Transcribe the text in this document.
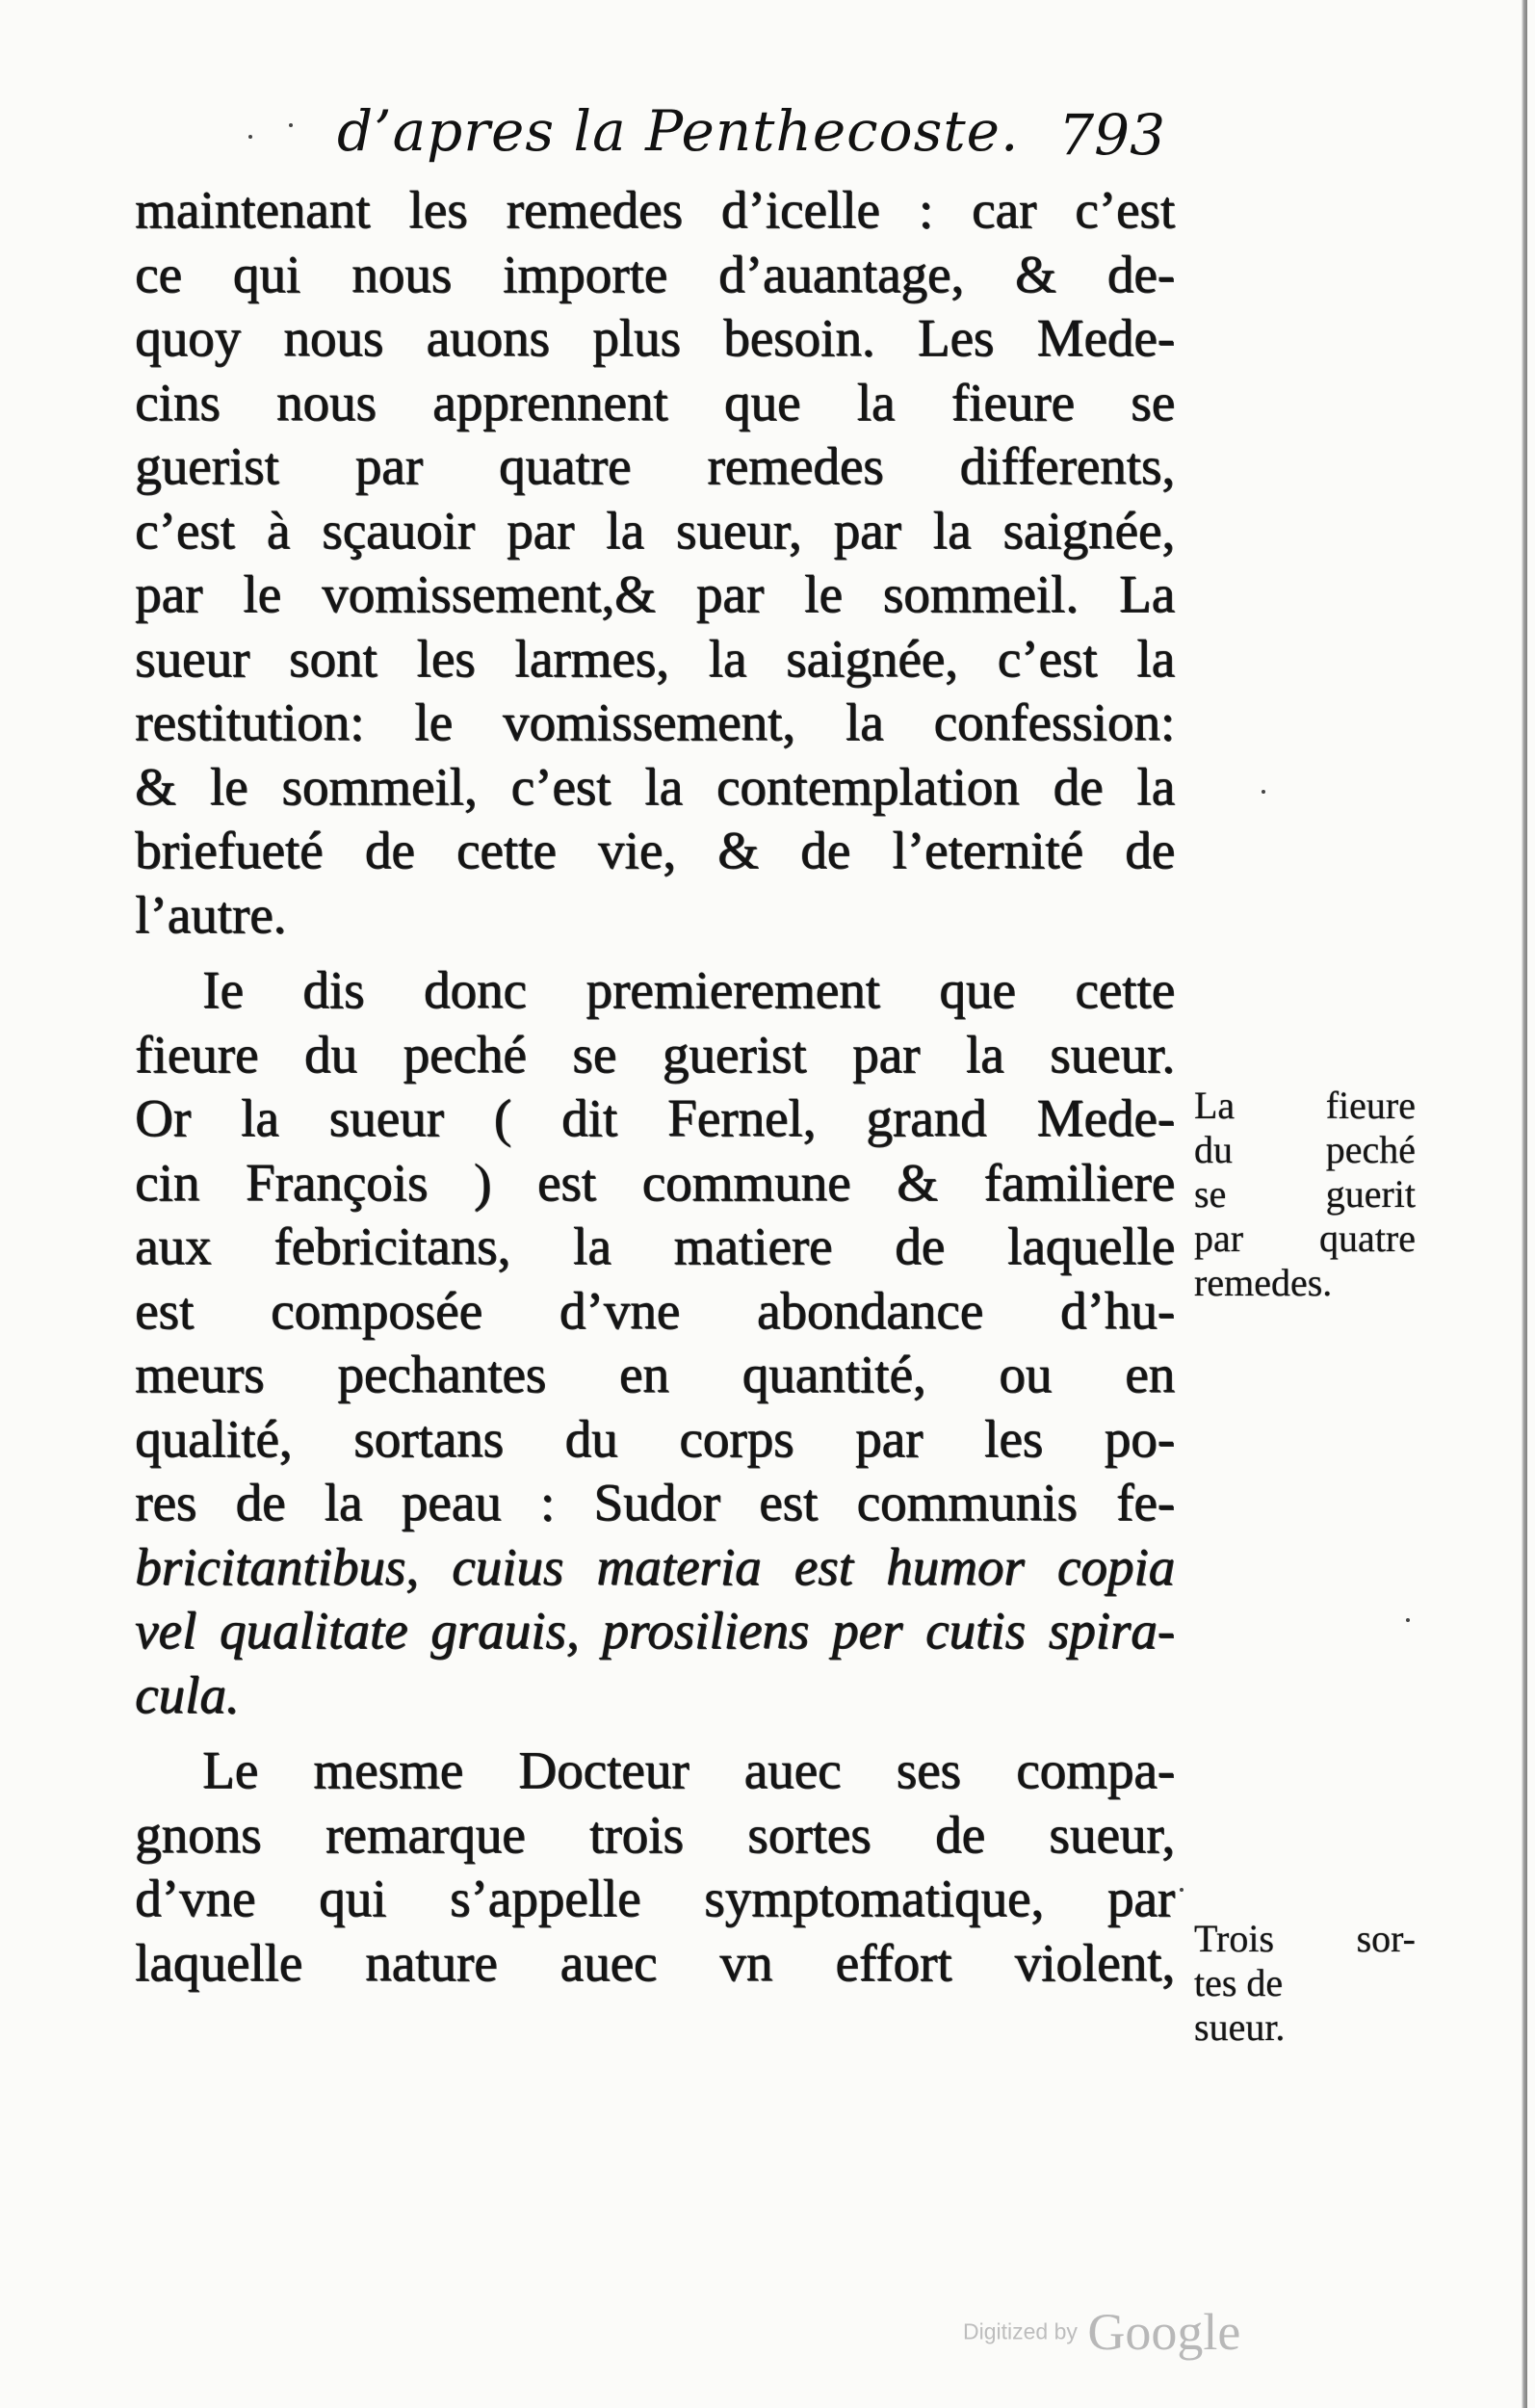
d’apres la Penthecoste. 793

maintenant les remedes d’icelle : car c’est
ce qui nous importe d’auantage, & de-
quoy nous auons plus besoin. Les Mede-
cins nous apprennent que la fieure se
guerist par quatre remedes differents,
c’est à sçauoir par la sueur, par la saignée,
par le vomissement,& par le sommeil. La
sueur sont les larmes, la saignée, c’est la
restitution: le vomissement, la confession:
& le sommeil, c’est la contemplation de la
briefueté de cette vie, & de l’eternité de
l’autre.

Ie dis donc premierement que cette
fieure du peché se guerist par la sueur.
Or la sueur ( dit Fernel, grand Mede-
cin François ) est commune & familiere
aux febricitans, la matiere de laquelle
est composée d’vne abondance d’hu-
meurs pechantes en quantité, ou en
qualité, sortans du corps par les po-
res de la peau : Sudor est communis fe-
bricitantibus, cuius materia est humor copia
vel qualitate grauis, prosiliens per cutis spira-
cula.

Le mesme Docteur auec ses compa-
gnons remarque trois sortes de sueur,
d’vne qui s’appelle symptomatique, par
laquelle nature auec vn effort violent,

La fieure
du peché
se guerit
par quatre
remedes.
Trois sor-
tes de
sueur.
Digitized by Google
